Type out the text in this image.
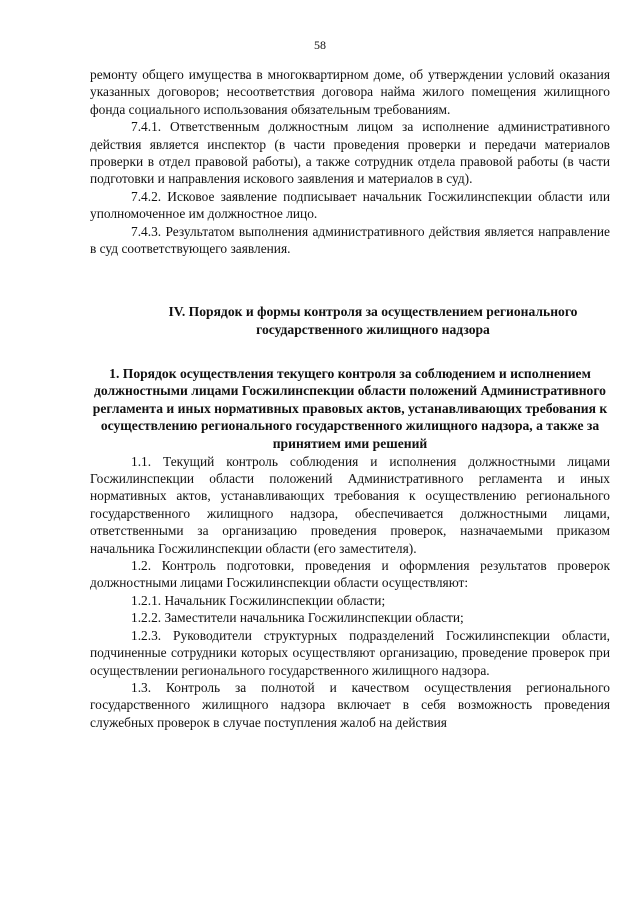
58

ремонту общего имущества в многоквартирном доме, об утверждении условий оказания указанных договоров; несоответствия договора найма жилого помещения жилищного фонда социального использования обязательным требованиям.

7.4.1. Ответственным должностным лицом за исполнение административного действия является инспектор (в части проведения проверки и передачи материалов проверки в отдел правовой работы), а также сотрудник отдела правовой работы (в части подготовки и направления искового заявления и материалов в суд).

7.4.2. Исковое заявление подписывает начальник Госжилинспекции области или уполномоченное им должностное лицо.

7.4.3. Результатом выполнения административного действия является направление в суд соответствующего заявления.

IV. Порядок и формы контроля за осуществлением регионального государственного жилищного надзора
1. Порядок осуществления текущего контроля за соблюдением и исполнением должностными лицами Госжилинспекции области положений Административного регламента и иных нормативных правовых актов, устанавливающих требования к осуществлению регионального государственного жилищного надзора, а также за принятием ими решений

1.1. Текущий контроль соблюдения и исполнения должностными лицами Госжилинспекции области положений Административного регламента и иных нормативных актов, устанавливающих требования к осуществлению регионального государственного жилищного надзора, обеспечивается должностными лицами, ответственными за организацию проведения проверок, назначаемыми приказом начальника Госжилинспекции области (его заместителя).

1.2. Контроль подготовки, проведения и оформления результатов проверок должностными лицами Госжилинспекции области осуществляют:

1.2.1. Начальник Госжилинспекции области;

1.2.2. Заместители начальника Госжилинспекции области;

1.2.3. Руководители структурных подразделений Госжилинспекции области, подчиненные сотрудники которых осуществляют организацию, проведение проверок при осуществлении регионального государственного жилищного надзора.

1.3. Контроль за полнотой и качеством осуществления регионального государственного жилищного надзора включает в себя возможность проведения служебных проверок в случае поступления жалоб на действия
